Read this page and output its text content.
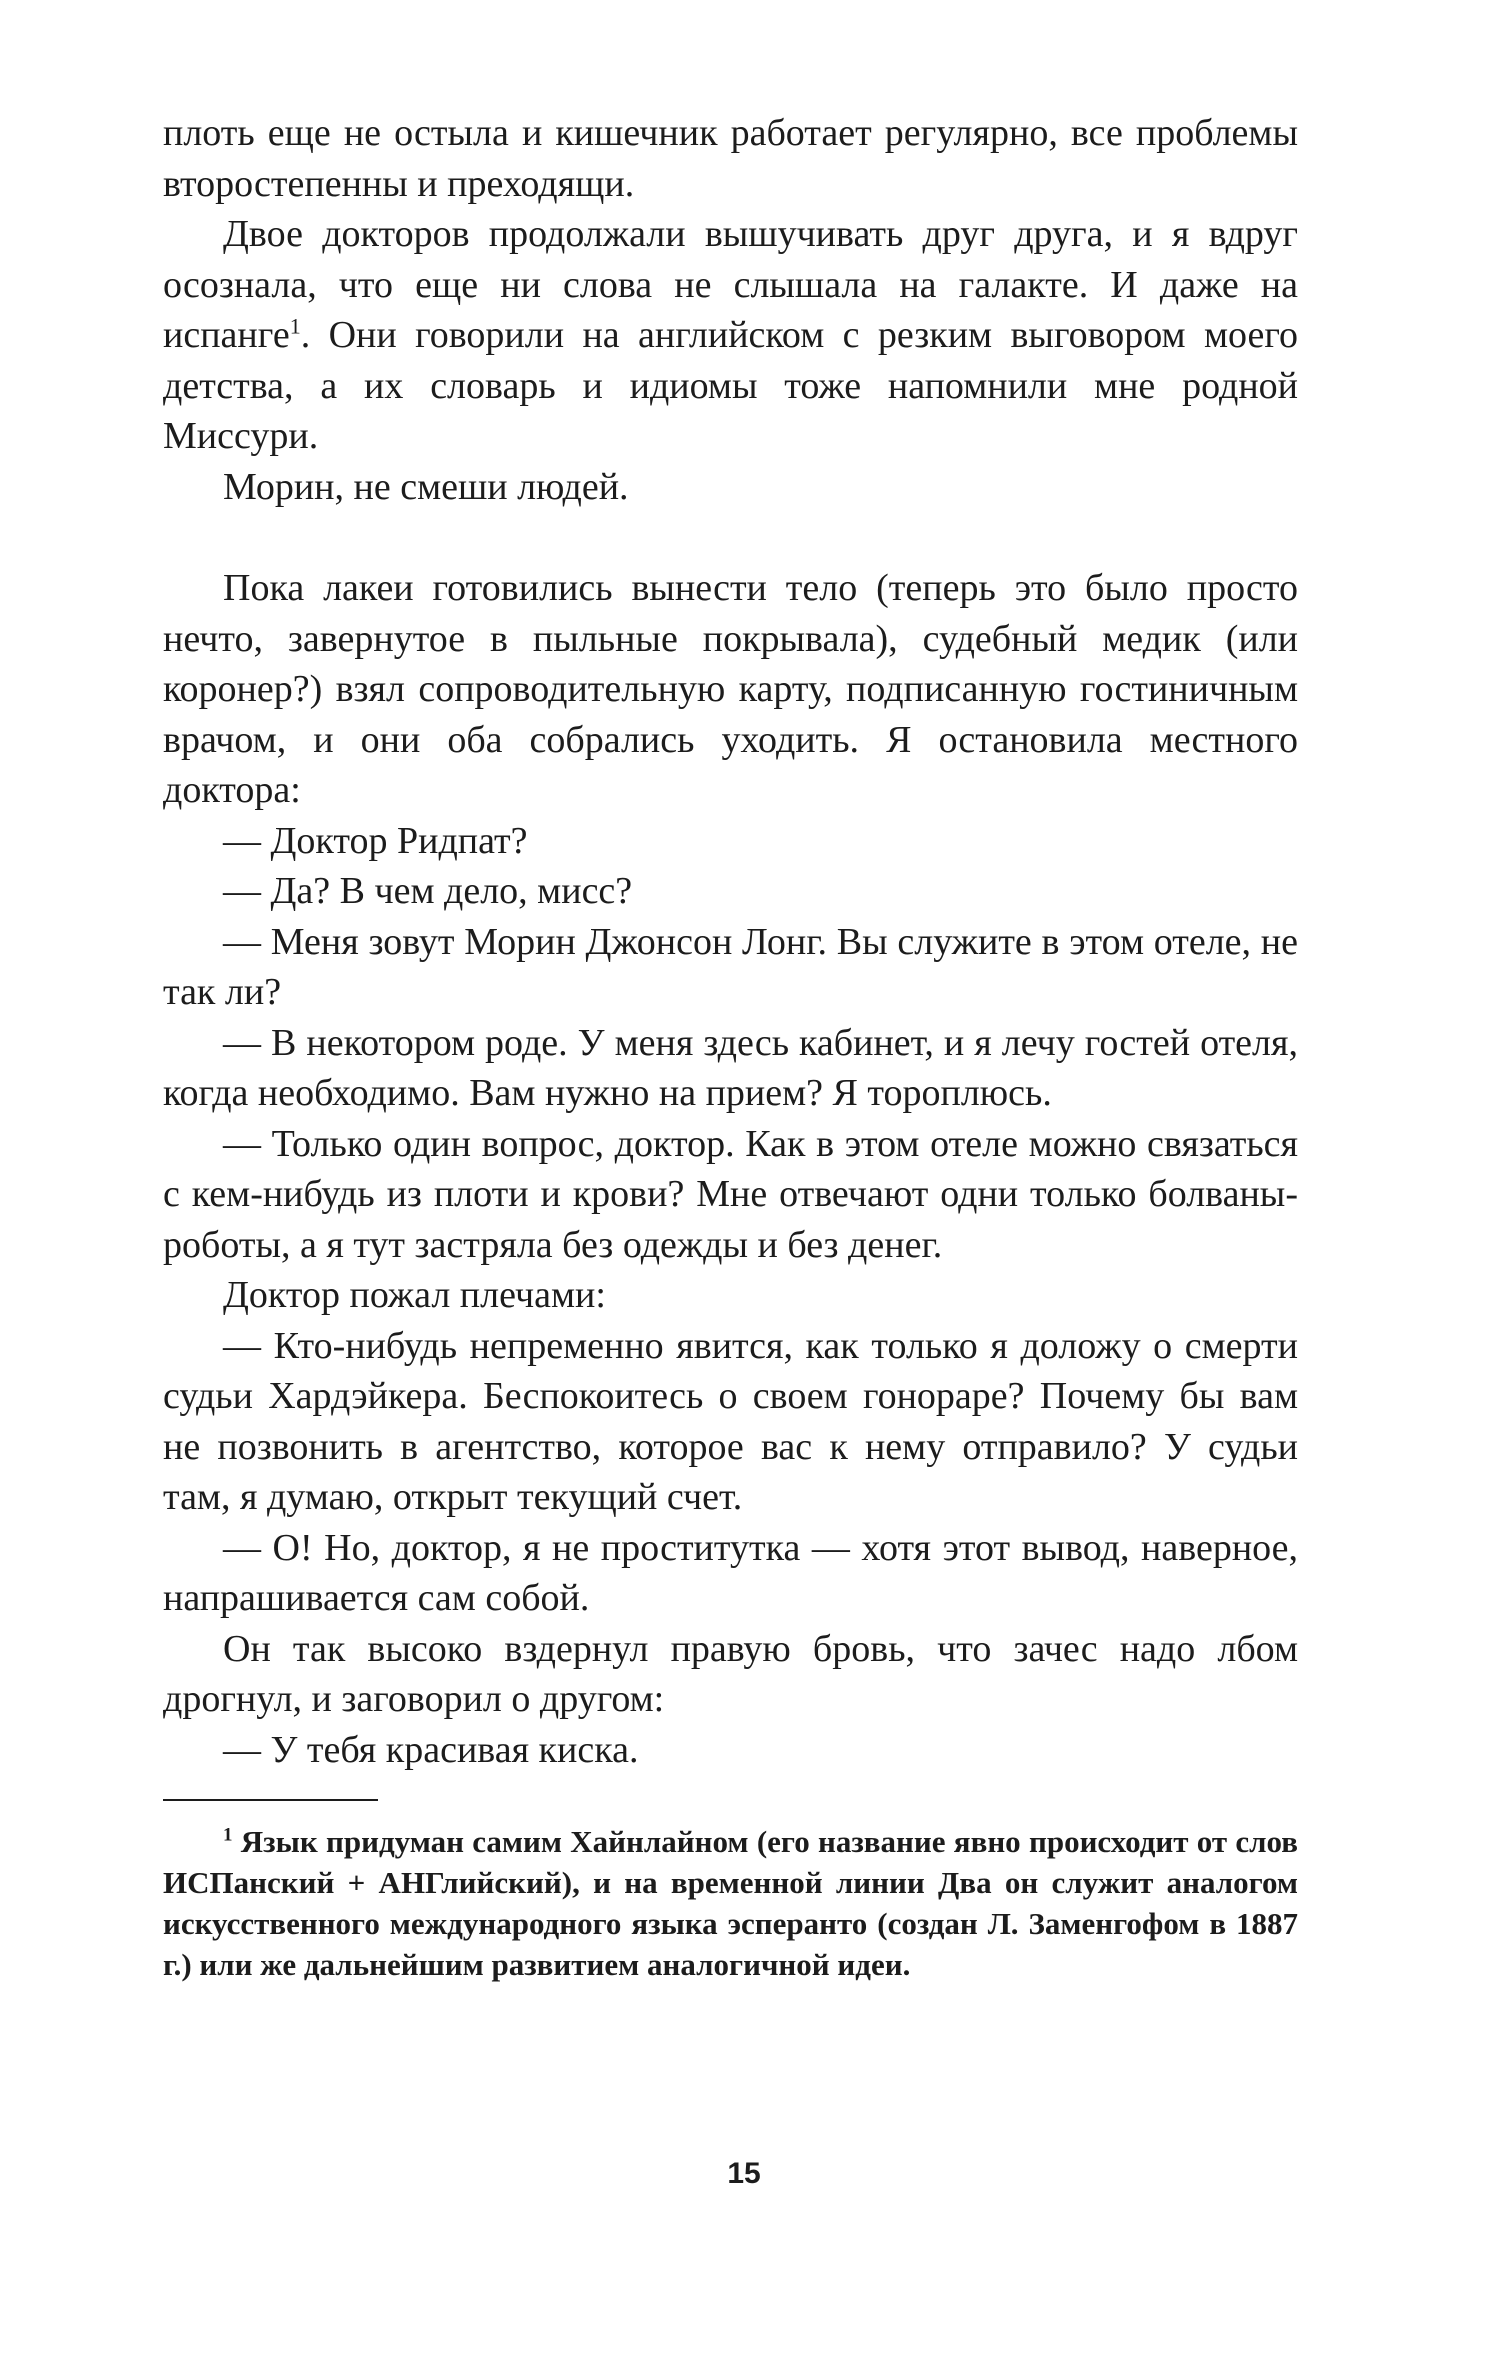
плоть еще не остыла и кишечник работает регулярно, все проблемы второстепенны и преходящи.

Двое докторов продолжали вышучивать друг друга, и я вдруг осознала, что еще ни слова не слышала на галакте. И даже на испанге$^1$. Они говорили на английском с резким выговором моего детства, а их словарь и идиомы тоже напомнили мне родной Миссури.

Морин, не смеши людей.

Пока лакеи готовились вынести тело (теперь это было просто нечто, завернутое в пыльные покрывала), судебный медик (или коронер?) взял сопроводительную карту, подписанную гостиничным врачом, и они оба собрались уходить. Я остановила местного доктора:

— Доктор Ридпат?

— Да? В чем дело, мисс?

— Меня зовут Морин Джонсон Лонг. Вы служите в этом отеле, не так ли?

— В некотором роде. У меня здесь кабинет, и я лечу гостей отеля, когда необходимо. Вам нужно на прием? Я тороплюсь.

— Только один вопрос, доктор. Как в этом отеле можно связаться с кем-нибудь из плоти и крови? Мне отвечают одни только болваны-роботы, а я тут застряла без одежды и без денег.

Доктор пожал плечами:

— Кто-нибудь непременно явится, как только я доложу о смерти судьи Хардэйкера. Беспокоитесь о своем гонораре? Почему бы вам не позвонить в агентство, которое вас к нему отправило? У судьи там, я думаю, открыт текущий счет.

— О! Но, доктор, я не проститутка — хотя этот вывод, наверное, напрашивается сам собой.

Он так высоко вздернул правую бровь, что зачес надо лбом дрогнул, и заговорил о другом:

— У тебя красивая киска.

$^1$ Язык придуман самим Хайнлайном (его название явно происходит от слов ИСПанский + АНГлийский), и на временной линии Два он служит аналогом искусственного международного языка эсперанто (создан Л. Заменгофом в 1887 г.) или же дальнейшим развитием аналогичной идеи.

15
